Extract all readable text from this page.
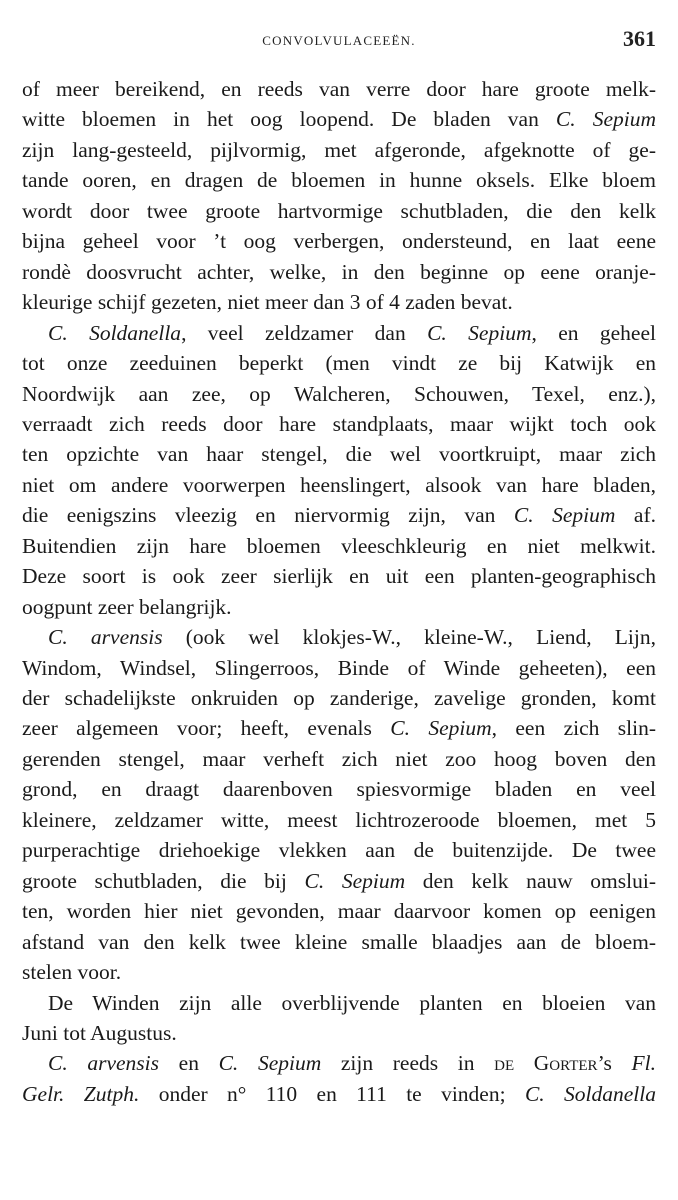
CONVOLVULACEEËN.	361
of meer bereikend, en reeds van verre door hare groote melk-
witte bloemen in het oog loopend. De bladen van C. Sepium
zijn lang-gesteeld, pijlvormig, met afgeronde, afgeknotte of ge-
tande ooren, en dragen de bloemen in hunne oksels. Elke bloem
wordt door twee groote hartvormige schutbladen, die den kelk
bijna geheel voor ’t oog verbergen, ondersteund, en laat eene
rondè doosvrucht achter, welke, in den beginne op eene oranje-
kleurige schijf gezeten, niet meer dan 3 of 4 zaden bevat.
C. Soldanella, veel zeldzamer dan C. Sepium, en geheel
tot onze zeeduinen beperkt (men vindt ze bij Katwijk en
Noordwijk aan zee, op Walcheren, Schouwen, Texel, enz.),
verraadt zich reeds door hare standplaats, maar wijkt toch ook
ten opzichte van haar stengel, die wel voortkruipt, maar zich
niet om andere voorwerpen heenslingert, alsook van hare bladen,
die eenigszins vleezig en niervormig zijn, van C. Sepium af.
Buitendien zijn hare bloemen vleeschkleurig en niet melkwit.
Deze soort is ook zeer sierlijk en uit een planten-geographisch
oogpunt zeer belangrijk.
C. arvensis (ook wel klokjes-W., kleine-W., Liend, Lijn,
Windom, Windsel, Slingerroos, Binde of Winde geheeten), een
der schadelijkste onkruiden op zanderige, zavelige gronden, komt
zeer algemeen voor; heeft, evenals C. Sepium, een zich slin-
gerenden stengel, maar verheft zich niet zoo hoog boven den
grond, en draagt daarenboven spiesvormige bladen en veel
kleinere, zeldzamer witte, meest lichtrozeroode bloemen, met 5
purperachtige driehoekige vlekken aan de buitenzijde. De twee
groote schutbladen, die bij C. Sepium den kelk nauw omslui-
ten, worden hier niet gevonden, maar daarvoor komen op eenigen
afstand van den kelk twee kleine smalle blaadjes aan de bloem-
stelen voor.
De Winden zijn alle overblijvende planten en bloeien van
Juni tot Augustus.
C. arvensis en C. Sepium zijn reeds in de Gorter’s Fl.
Gelr. Zutph. onder n° 110 en 111 te vinden; C. Soldanella
